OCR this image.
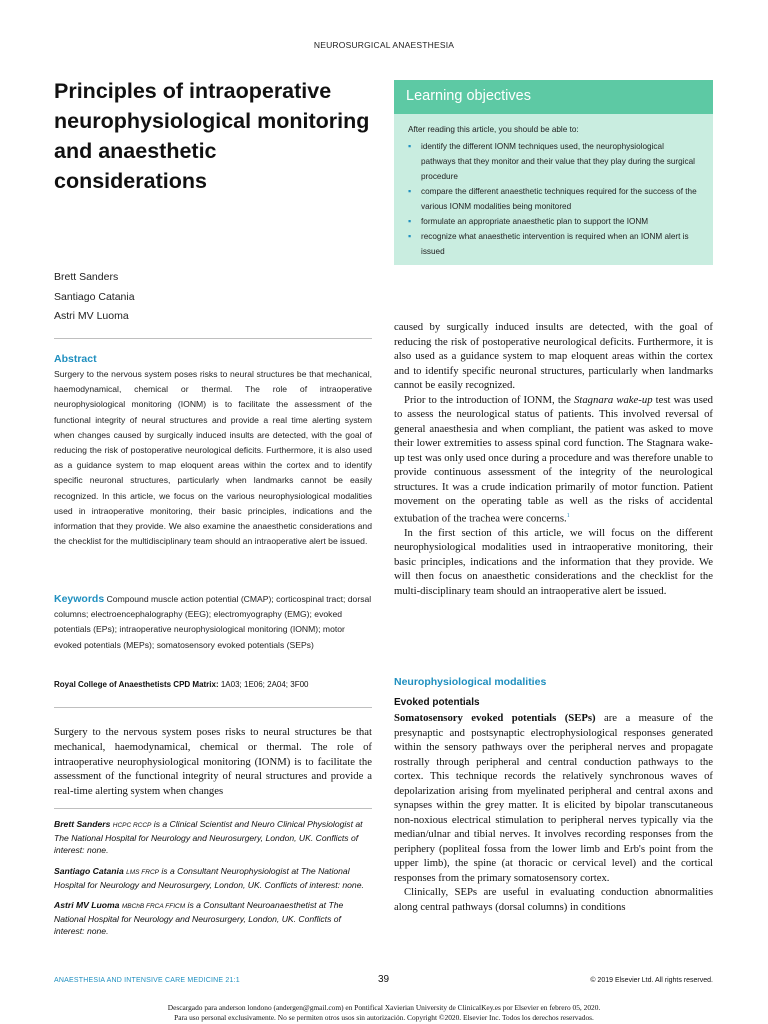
NEUROSURGICAL ANAESTHESIA
Principles of intraoperative neurophysiological monitoring and anaesthetic considerations
Brett Sanders
Santiago Catania
Astri MV Luoma
Abstract
Surgery to the nervous system poses risks to neural structures be that mechanical, haemodynamical, chemical or thermal. The role of intraoperative neurophysiological monitoring (IONM) is to facilitate the assessment of the functional integrity of neural structures and provide a real time alerting system when changes caused by surgically induced insults are detected, with the goal of reducing the risk of postoperative neurological deficits. Furthermore, it is also used as a guidance system to map eloquent areas within the cortex and to identify specific neuronal structures, particularly when landmarks cannot be easily recognized. In this article, we focus on the various neurophysiological modalities used in intraoperative monitoring, their basic principles, indications and the information that they provide. We also examine the anaesthetic considerations and the checklist for the multidisciplinary team should an intraoperative alert be issued.
Keywords Compound muscle action potential (CMAP); corticospinal tract; dorsal columns; electroencephalography (EEG); electromyography (EMG); evoked potentials (EPs); intraoperative neurophysiological monitoring (IONM); motor evoked potentials (MEPs); somatosensory evoked potentials (SEPs)
Royal College of Anaesthetists CPD Matrix: 1A03; 1E06; 2A04; 3F00
Surgery to the nervous system poses risks to neural structures be that mechanical, haemodynamical, chemical or thermal. The role of intraoperative neurophysiological monitoring (IONM) is to facilitate the assessment of the functional integrity of neural structures and provide a real-time alerting system when changes

Brett Sanders HCPC RCCP is a Clinical Scientist and Neuro Clinical Physiologist at The National Hospital for Neurology and Neurosurgery, London, UK. Conflicts of interest: none.

Santiago Catania LMS FRCP is a Consultant Neurophysiologist at The National Hospital for Neurology and Neurosurgery, London, UK. Conflicts of interest: none.

Astri MV Luoma MBChB FRCA FFICM is a Consultant Neuroanaesthetist at The National Hospital for Neurology and Neurosurgery, London, UK. Conflicts of interest: none.

Learning objectives
After reading this article, you should be able to:
▪ identify the different IONM techniques used, the neurophysiological pathways that they monitor and their value that they play during the surgical procedure
▪ compare the different anaesthetic techniques required for the success of the various IONM modalities being monitored
▪ formulate an appropriate anaesthetic plan to support the IONM
▪ recognize what anaesthetic intervention is required when an IONM alert is issued

caused by surgically induced insults are detected, with the goal of reducing the risk of postoperative neurological deficits. Furthermore, it is also used as a guidance system to map eloquent areas within the cortex and to identify specific neuronal structures, particularly when landmarks cannot be easily recognized.

Prior to the introduction of IONM, the Stagnara wake-up test was used to assess the neurological status of patients. This involved reversal of general anaesthesia and when compliant, the patient was asked to move their lower extremities to assess spinal cord function. The Stagnara wake-up test was only used once during a procedure and was therefore unable to provide continuous assessment of the integrity of the neurological structures. It was a crude indication primarily of motor function. Patient movement on the operating table as well as the risks of accidental extubation of the trachea were concerns.$^1$

In the first section of this article, we will focus on the different neurophysiological modalities used in intraoperative monitoring, their basic principles, indications and the information that they provide. We will then focus on anaesthetic considerations and the checklist for the multi-disciplinary team should an intraoperative alert be issued.

Neurophysiological modalities
Evoked potentials

Somatosensory evoked potentials (SEPs) are a measure of the presynaptic and postsynaptic electrophysiological responses generated within the sensory pathways over the peripheral nerves and propagate rostrally through peripheral and central conduction pathways to the cortex. This technique records the relatively synchronous waves of depolarization arising from myelinated peripheral and central axons and synapses within the grey matter. It is elicited by bipolar transcutaneous non-noxious electrical stimulation to peripheral nerves typically via the median/ulnar and tibial nerves. It involves recording responses from the periphery (popliteal fossa from the lower limb and Erb's point from the upper limb), the spine (at thoracic or cervical level) and the cortical responses from the primary somatosensory cortex.

Clinically, SEPs are useful in evaluating conduction abnormalities along central pathways (dorsal columns) in conditions

ANAESTHESIA AND INTENSIVE CARE MEDICINE 21:1	39	© 2019 Elsevier Ltd. All rights reserved.
Descargado para anderson londono (andergen@gmail.com) en Pontifical Xavierian University de ClinicalKey.es por Elsevier en febrero 05, 2020.
Para uso personal exclusivamente. No se permiten otros usos sin autorización. Copyright ©2020. Elsevier Inc. Todos los derechos reservados.
